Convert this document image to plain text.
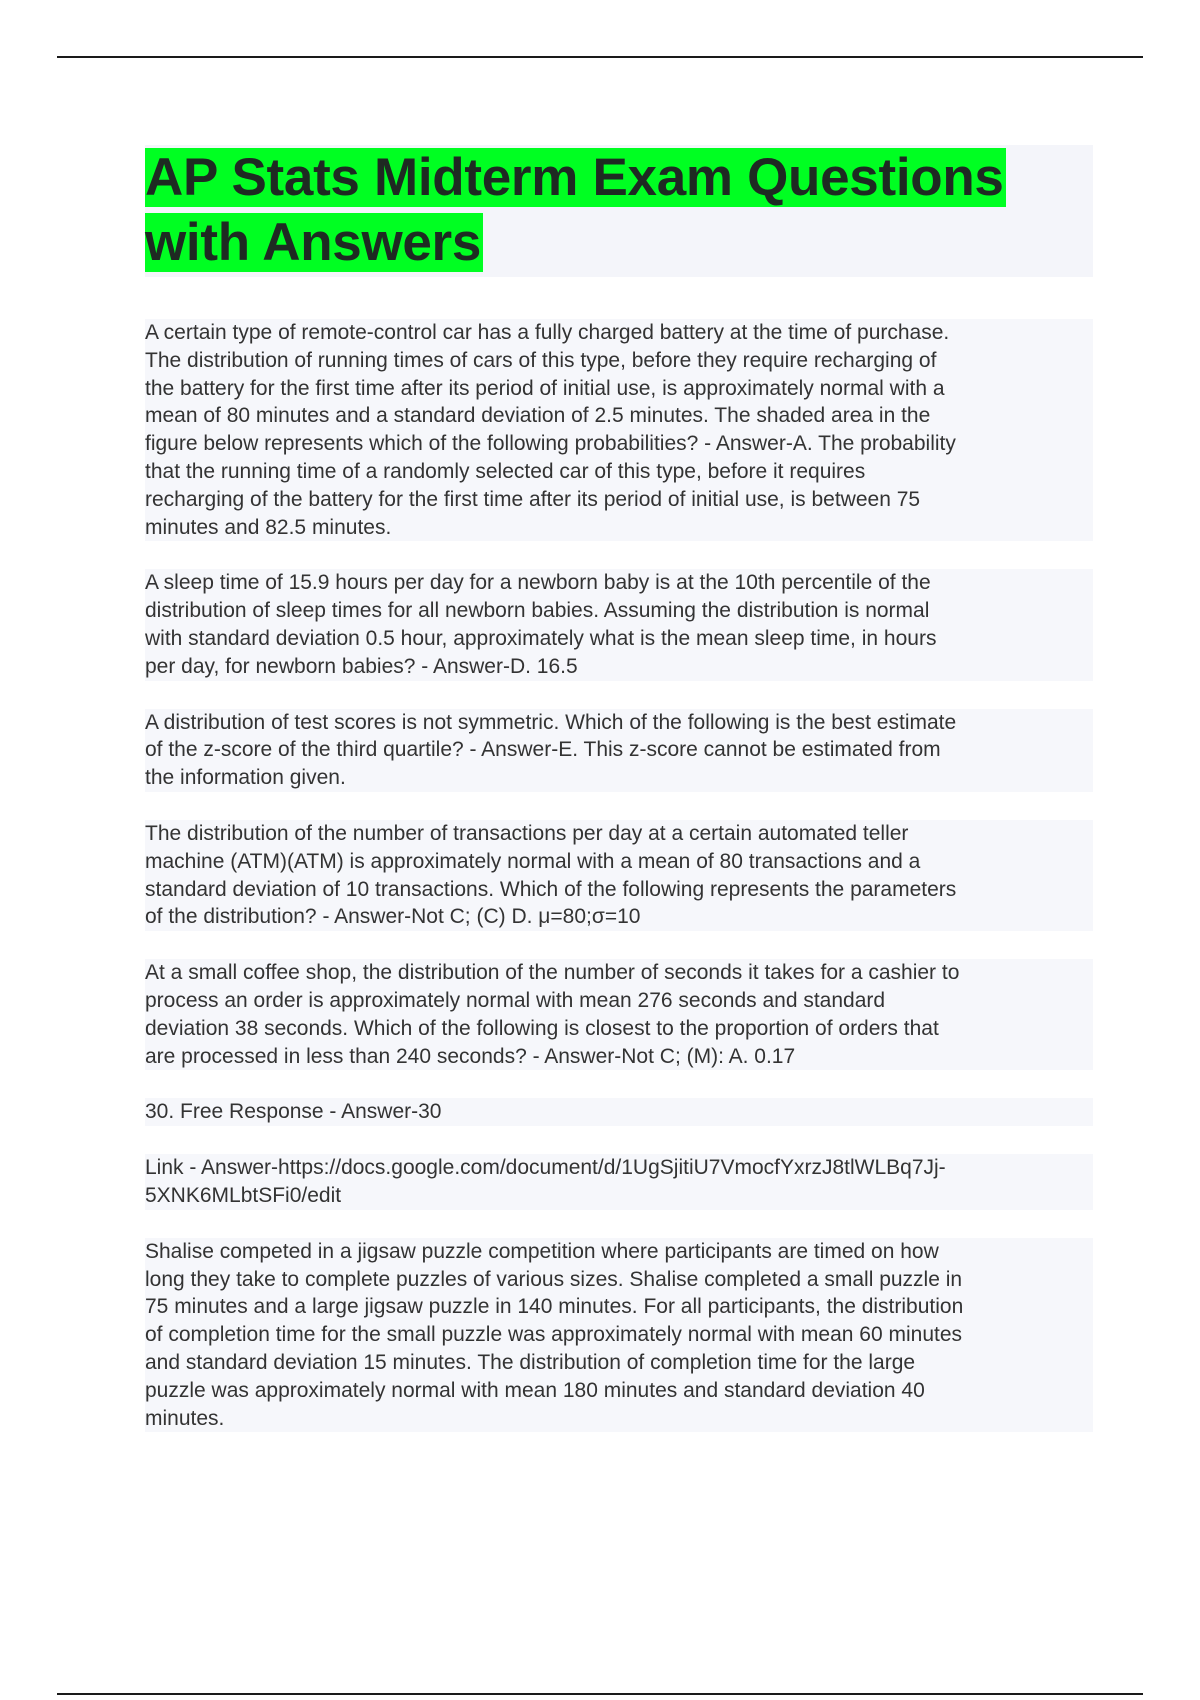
AP Stats Midterm Exam Questions
with Answers

A certain type of remote-control car has a fully charged battery at the time of purchase.
The distribution of running times of cars of this type, before they require recharging of
the battery for the first time after its period of initial use, is approximately normal with a
mean of 80 minutes and a standard deviation of 2.5 minutes. The shaded area in the
figure below represents which of the following probabilities? - Answer-A. The probability
that the running time of a randomly selected car of this type, before it requires
recharging of the battery for the first time after its period of initial use, is between 75
minutes and 82.5 minutes.

A sleep time of 15.9 hours per day for a newborn baby is at the 10th percentile of the
distribution of sleep times for all newborn babies. Assuming the distribution is normal
with standard deviation 0.5 hour, approximately what is the mean sleep time, in hours
per day, for newborn babies? - Answer-D. 16.5

A distribution of test scores is not symmetric. Which of the following is the best estimate
of the z-score of the third quartile? - Answer-E. This z-score cannot be estimated from
the information given.

The distribution of the number of transactions per day at a certain automated teller
machine (ATM)(ATM) is approximately normal with a mean of 80 transactions and a
standard deviation of 10 transactions. Which of the following represents the parameters
of the distribution? - Answer-Not C; (C) D. μ=80;σ=10

At a small coffee shop, the distribution of the number of seconds it takes for a cashier to
process an order is approximately normal with mean 276 seconds and standard
deviation 38 seconds. Which of the following is closest to the proportion of orders that
are processed in less than 240 seconds? - Answer-Not C; (M): A. 0.17

30. Free Response - Answer-30

Link - Answer-https://docs.google.com/document/d/1UgSjitiU7VmocfYxrzJ8tlWLBq7Jj-
5XNK6MLbtSFi0/edit

Shalise competed in a jigsaw puzzle competition where participants are timed on how
long they take to complete puzzles of various sizes. Shalise completed a small puzzle in
75 minutes and a large jigsaw puzzle in 140 minutes. For all participants, the distribution
of completion time for the small puzzle was approximately normal with mean 60 minutes
and standard deviation 15 minutes. The distribution of completion time for the large
puzzle was approximately normal with mean 180 minutes and standard deviation 40
minutes.
